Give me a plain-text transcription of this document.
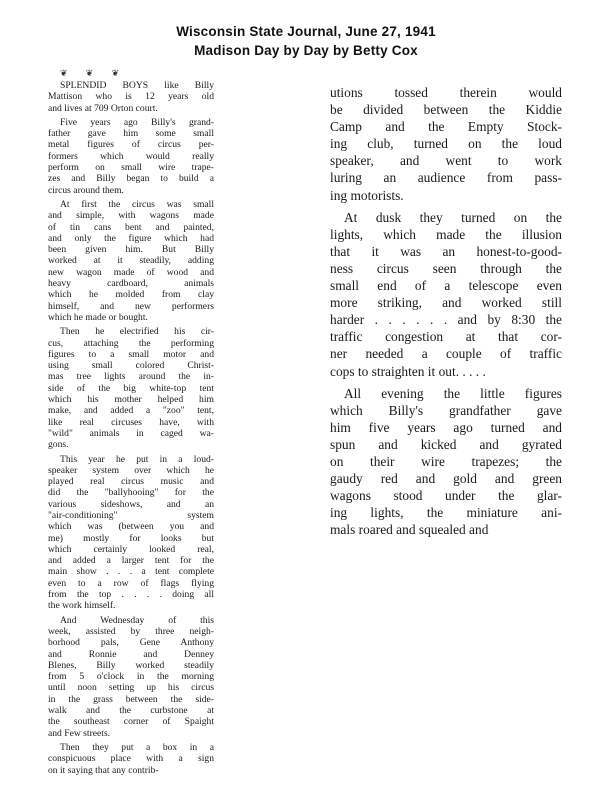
Wisconsin State Journal, June 27, 1941
Madison Day by Day by Betty Cox
❦ ❦ ❦

SPLENDID BOYS like Billy
Mattison who is 12 years old
and lives at 709 Orton court.

Five years ago Billy's grand-
father gave him some small
metal figures of circus per-
formers which would really
perform on small wire trape-
zes and Billy began to build a
circus around them.

At first the circus was small
and simple, with wagons made
of tin cans bent and painted,
and only the figure which had
been given him. But Billy
worked at it steadily, adding
new wagon made of wood and
heavy cardboard, animals
which he molded from clay
himself, and new performers
which he made or bought.

Then he electrified his cir-
cus, attaching the performing
figures to a small motor and
using small colored Christ-
mas tree lights around the in-
side of the big white-top tent
which his mother helped him
make, and added a "zoo" tent,
like real circuses have, with
"wild" animals in caged wa-
gons.

This year he put in a loud-
speaker system over which he
played real circus music and
did the "ballyhooing" for the
various sideshows, and an
"air-conditioning" system
which was (between you and
me) mostly for looks but
which certainly looked real,
and added a larger tent for the
main show . . . a tent complete
even to a row of flags flying
from the top . . . . doing all
the work himself.

And Wednesday of this
week, assisted by three neigh-
borhood pals, Gene Anthony
and Ronnie and Denney
Blenes, Billy worked steadily
from 5 o'clock in the morning
until noon setting up his circus
in the grass between the side-
walk and the curbstone at
the southeast corner of Spaight
and Few streets.

Then they put a box in a
conspicuous place with a sign
on it saying that any contrib-

utions tossed therein would
be divided between the Kiddie
Camp and the Empty Stock-
ing club, turned on the loud
speaker, and went to work
luring an audience from pass-
ing motorists.

At dusk they turned on the
lights, which made the illusion
that it was an honest-to-good-
ness circus seen through the
small end of a telescope even
more striking, and worked still
harder . . . . . . and by 8:30 the
traffic congestion at that cor-
ner needed a couple of traffic
cops to straighten it out. . . . .

All evening the little figures
which Billy's grandfather gave
him five years ago turned and
spun and kicked and gyrated
on their wire trapezes; the
gaudy red and gold and green
wagons stood under the glar-
ing lights, the miniature ani-
mals roared and squealed and
